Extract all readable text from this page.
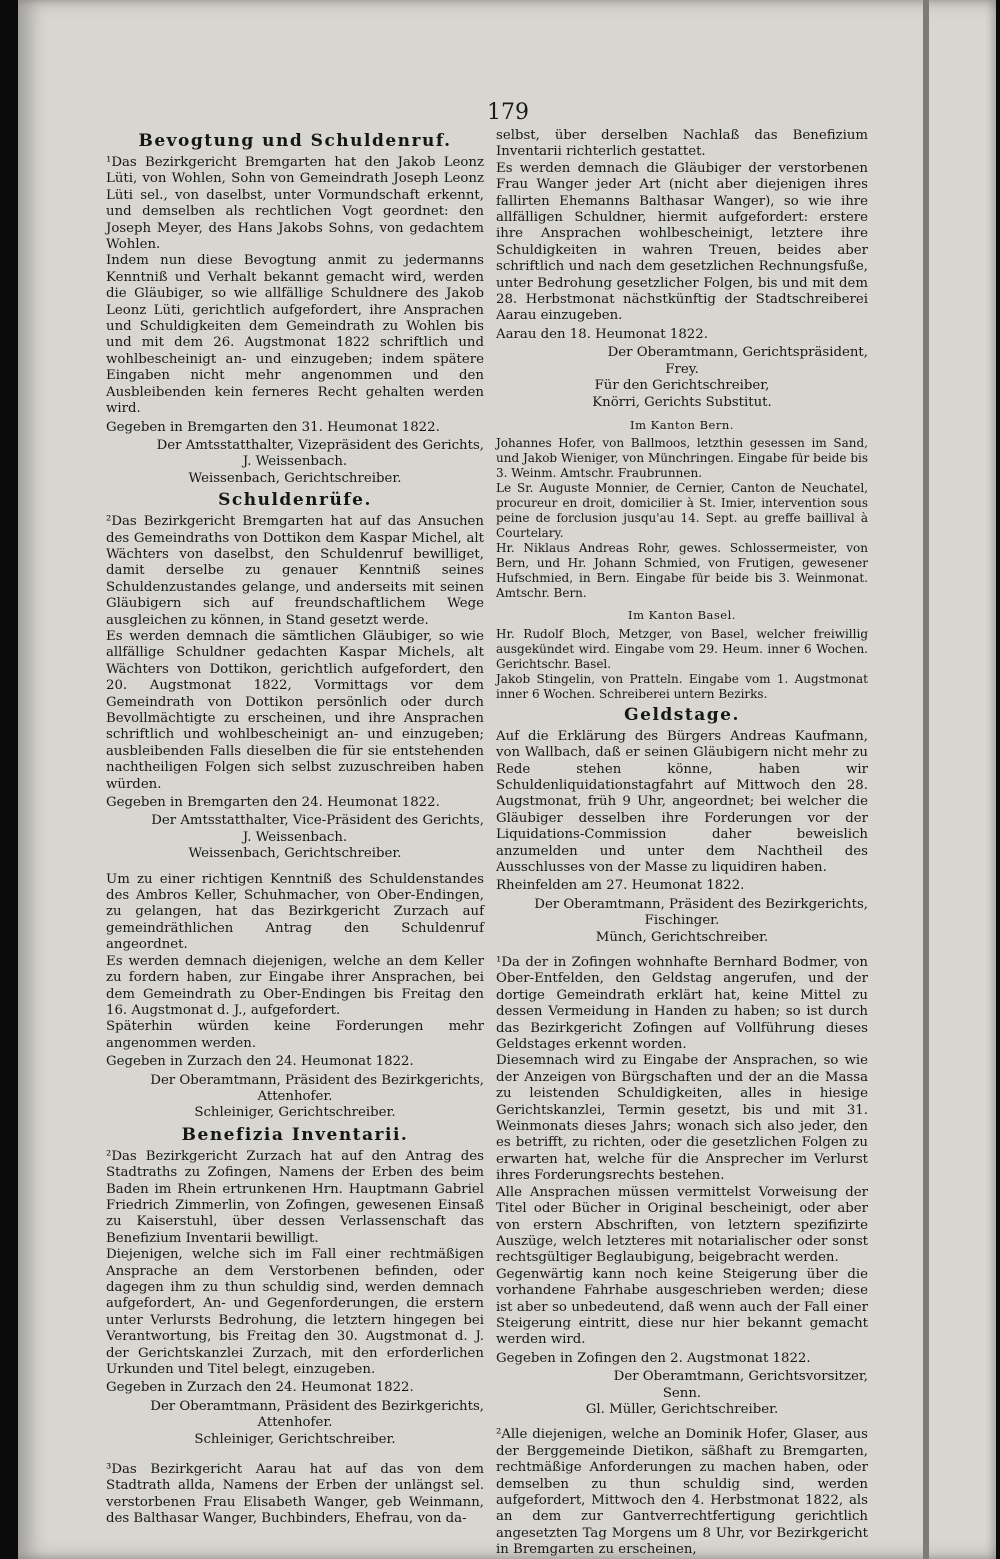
179

Bevogtung und Schuldenruf.

¹Das Bezirkgericht Bremgarten hat den Jakob Leonz Lüti, von Wohlen, Sohn von Gemeindrath Joseph Leonz Lüti sel., von daselbst, unter Vormundschaft erkennt, und demselben als rechtlichen Vogt geordnet: den Joseph Meyer, des Hans Jakobs Sohns, von gedachtem Wohlen.

Indem nun diese Bevogtung anmit zu jedermanns Kenntniß und Verhalt bekannt gemacht wird, werden die Gläubiger, so wie allfällige Schuldnere des Jakob Leonz Lüti, gerichtlich aufgefordert, ihre Ansprachen und Schuldigkeiten dem Gemeindrath zu Wohlen bis und mit dem 26. Augstmonat 1822 schriftlich und wohlbescheinigt an- und einzugeben; indem spätere Eingaben nicht mehr angenommen und den Ausbleibenden kein ferneres Recht gehalten werden wird.

Gegeben in Bremgarten den 31. Heumonat 1822.

Der Amtsstatthalter, Vizepräsident des Gerichts,

J. Weissenbach.

Weissenbach, Gerichtschreiber.

Schuldenrüfe.

²Das Bezirkgericht Bremgarten hat auf das Ansuchen des Gemeindraths von Dottikon dem Kaspar Michel, alt Wächters von daselbst, den Schuldenruf bewilliget, damit derselbe zu genauer Kenntniß seines Schuldenzustandes gelange, und anderseits mit seinen Gläubigern sich auf freundschaftlichem Wege ausgleichen zu können, in Stand gesetzt werde.

Es werden demnach die sämtlichen Gläubiger, so wie allfällige Schuldner gedachten Kaspar Michels, alt Wächters von Dottikon, gerichtlich aufgefordert, den 20. Augstmonat 1822, Vormittags vor dem Gemeindrath von Dottikon persönlich oder durch Bevollmächtigte zu erscheinen, und ihre Ansprachen schriftlich und wohlbescheinigt an- und einzugeben; ausbleibenden Falls dieselben die für sie entstehenden nachtheiligen Folgen sich selbst zuzuschreiben haben würden.

Gegeben in Bremgarten den 24. Heumonat 1822.

Der Amtsstatthalter, Vice-Präsident des Gerichts,

J. Weissenbach.

Weissenbach, Gerichtschreiber.

Um zu einer richtigen Kenntniß des Schuldenstandes des Ambros Keller, Schuhmacher, von Ober-Endingen, zu gelangen, hat das Bezirkgericht Zurzach auf gemeindräthlichen Antrag den Schuldenruf angeordnet.

Es werden demnach diejenigen, welche an dem Keller zu fordern haben, zur Eingabe ihrer Ansprachen, bei dem Gemeindrath zu Ober-Endingen bis Freitag den 16. Augstmonat d. J., aufgefordert.

Späterhin würden keine Forderungen mehr angenommen werden.

Gegeben in Zurzach den 24. Heumonat 1822.

Der Oberamtmann, Präsident des Bezirkgerichts,

Attenhofer.

Schleiniger, Gerichtschreiber.

Benefizia Inventarii.

²Das Bezirkgericht Zurzach hat auf den Antrag des Stadtraths zu Zofingen, Namens der Erben des beim Baden im Rhein ertrunkenen Hrn. Hauptmann Gabriel Friedrich Zimmerlin, von Zofingen, gewesenen Einsaß zu Kaiserstuhl, über dessen Verlassenschaft das Benefizium Inventarii bewilligt.

Diejenigen, welche sich im Fall einer rechtmäßigen Ansprache an dem Verstorbenen befinden, oder dagegen ihm zu thun schuldig sind, werden demnach aufgefordert, An- und Gegenforderungen, die erstern unter Verlursts Bedrohung, die letztern hingegen bei Verantwortung, bis Freitag den 30. Augstmonat d. J. der Gerichtskanzlei Zurzach, mit den erforderlichen Urkunden und Titel belegt, einzugeben.

Gegeben in Zurzach den 24. Heumonat 1822.

Der Oberamtmann, Präsident des Bezirkgerichts,

Attenhofer.

Schleiniger, Gerichtschreiber.

³Das Bezirkgericht Aarau hat auf das von dem Stadtrath allda, Namens der Erben der unlängst sel. verstorbenen Frau Elisabeth Wanger, geb Weinmann, des Balthasar Wanger, Buchbinders, Ehefrau, von da-

selbst, über derselben Nachlaß das Benefizium Inventarii richterlich gestattet.

Es werden demnach die Gläubiger der verstorbenen Frau Wanger jeder Art (nicht aber diejenigen ihres fallirten Ehemanns Balthasar Wanger), so wie ihre allfälligen Schuldner, hiermit aufgefordert: erstere ihre Ansprachen wohlbescheinigt, letztere ihre Schuldigkeiten in wahren Treuen, beides aber schriftlich und nach dem gesetzlichen Rechnungsfuße, unter Bedrohung gesetzlicher Folgen, bis und mit dem 28. Herbstmonat nächstkünftig der Stadtschreiberei Aarau einzugeben.

Aarau den 18. Heumonat 1822.

Der Oberamtmann, Gerichtspräsident,

Frey.

Für den Gerichtschreiber,

Knörri, Gerichts Substitut.

Im Kanton Bern.

Johannes Hofer, von Ballmoos, letzthin gesessen im Sand, und Jakob Wieniger, von Münchringen. Eingabe für beide bis 3. Weinm. Amtschr. Fraubrunnen.

Le Sr. Auguste Monnier, de Cernier, Canton de Neuchatel, procureur en droit, domicilier à St. Imier, intervention sous peine de forclusion jusqu'au 14. Sept. au greffe baillival à Courtelary.

Hr. Niklaus Andreas Rohr, gewes. Schlossermeister, von Bern, und Hr. Johann Schmied, von Frutigen, gewesener Hufschmied, in Bern. Eingabe für beide bis 3. Weinmonat. Amtschr. Bern.

Im Kanton Basel.

Hr. Rudolf Bloch, Metzger, von Basel, welcher freiwillig ausgekündet wird. Eingabe vom 29. Heum. inner 6 Wochen. Gerichtschr. Basel.

Jakob Stingelin, von Pratteln. Eingabe vom 1. Augstmonat inner 6 Wochen. Schreiberei untern Bezirks.

Geldstage.

Auf die Erklärung des Bürgers Andreas Kaufmann, von Wallbach, daß er seinen Gläubigern nicht mehr zu Rede stehen könne, haben wir Schuldenliquidationstagfahrt auf Mittwoch den 28. Augstmonat, früh 9 Uhr, angeordnet; bei welcher die Gläubiger desselben ihre Forderungen vor der Liquidations-Commission daher beweislich anzumelden und unter dem Nachtheil des Ausschlusses von der Masse zu liquidiren haben.

Rheinfelden am 27. Heumonat 1822.

Der Oberamtmann, Präsident des Bezirkgerichts,

Fischinger.

Münch, Gerichtschreiber.

¹Da der in Zofingen wohnhafte Bernhard Bodmer, von Ober-Entfelden, den Geldstag angerufen, und der dortige Gemeindrath erklärt hat, keine Mittel zu dessen Vermeidung in Handen zu haben; so ist durch das Bezirkgericht Zofingen auf Vollführung dieses Geldstages erkennt worden.

Diesemnach wird zu Eingabe der Ansprachen, so wie der Anzeigen von Bürgschaften und der an die Massa zu leistenden Schuldigkeiten, alles in hiesige Gerichtskanzlei, Termin gesetzt, bis und mit 31. Weinmonats dieses Jahrs; wonach sich also jeder, den es betrifft, zu richten, oder die gesetzlichen Folgen zu erwarten hat, welche für die Ansprecher im Verlurst ihres Forderungsrechts bestehen.

Alle Ansprachen müssen vermittelst Vorweisung der Titel oder Bücher in Original bescheinigt, oder aber von erstern Abschriften, von letztern spezifizirte Auszüge, welch letzteres mit notarialischer oder sonst rechtsgültiger Beglaubigung, beigebracht werden.

Gegenwärtig kann noch keine Steigerung über die vorhandene Fahrhabe ausgeschrieben werden; diese ist aber so unbedeutend, daß wenn auch der Fall einer Steigerung eintritt, diese nur hier bekannt gemacht werden wird.

Gegeben in Zofingen den 2. Augstmonat 1822.

Der Oberamtmann, Gerichtsvorsitzer,

Senn.

Gl. Müller, Gerichtschreiber.

²Alle diejenigen, welche an Dominik Hofer, Glaser, aus der Berggemeinde Dietikon, säßhaft zu Bremgarten, rechtmäßige Anforderungen zu machen haben, oder demselben zu thun schuldig sind, werden aufgefordert, Mittwoch den 4. Herbstmonat 1822, als an dem zur Gantverrechtfertigung gerichtlich angesetzten Tag Morgens um 8 Uhr, vor Bezirkgericht in Bremgarten zu erscheinen,
